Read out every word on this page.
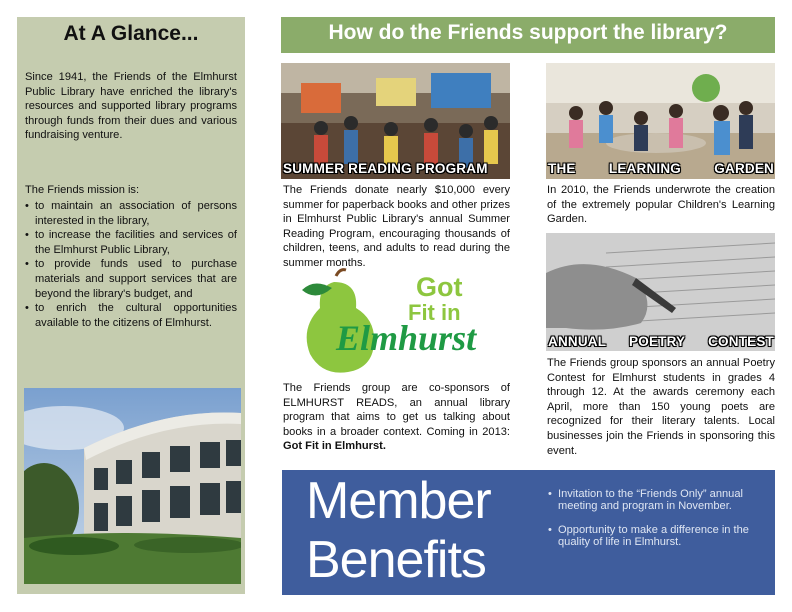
At A Glance...
Since 1941, the Friends of the Elmhurst Public Library have enriched the library's resources and supported library programs through funds from their dues and various fundraising venture.
The Friends mission is:
• to maintain an association of persons interested in the library,
• to increase the facilities and services of the Elmhurst Public Library,
• to provide funds used to purchase materials and support services that are beyond the library's budget, and
• to enrich the cultural opportunities available to the citizens of Elmhurst.
How do the Friends support the library?
SUMMER READING PROGRAM
The Friends donate nearly $10,000 every summer for paperback books and other prizes in Elmhurst Public Library's annual Summer Reading Program, encouraging thousands of children, teens, and adults to read during the summer months.
THE LEARNING GARDEN
In 2010, the Friends underwrote the creation of the extremely popular Children's Learning Garden.
ANNUAL POETRY CONTEST
The Friends group sponsors an annual Poetry Contest for Elmhurst students in grades 4 through 12. At the awards ceremony each April, more than 150 young poets are recognized for their literary talents. Local businesses join the Friends in sponsoring this event.
Got
Fit in
Elmhurst
The Friends group are co-sponsors of ELMHURST READS, an annual library program that aims to get us talking about books in a broader context. Coming in 2013: Got Fit in Elmhurst.
Member
Benefits
• Invitation to the “Friends Only” annual meeting and program in November.
• Opportunity to make a difference in the quality of life in Elmhurst.
